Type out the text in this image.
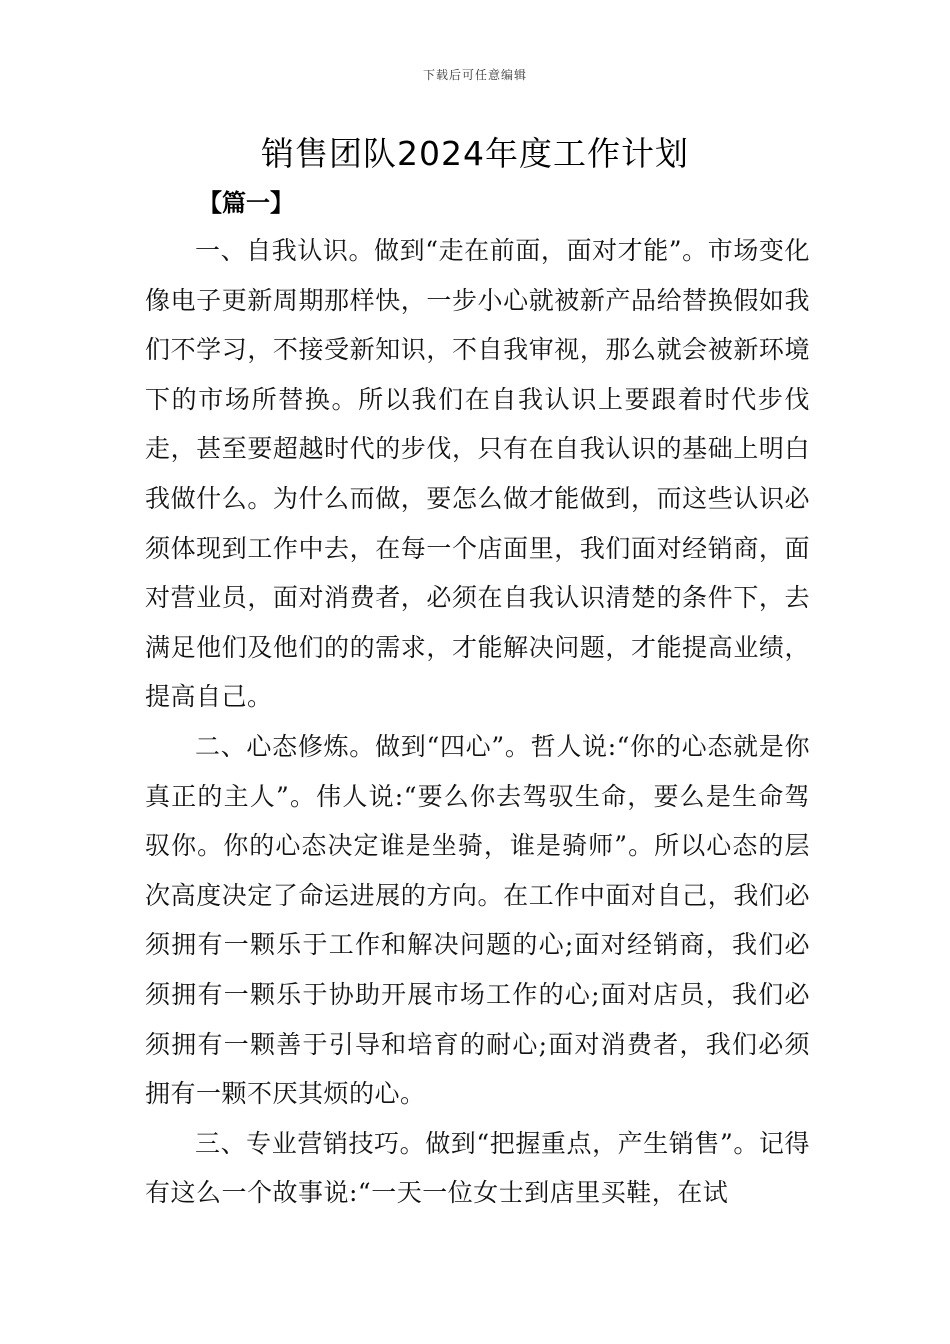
下载后可任意编辑
销售团队2024年度工作计划
【篇一】

一、自我认识。做到“走在前面，面对才能”。市场变化像电子更新周期那样快，一步小心就被新产品给替换假如我们不学习，不接受新知识，不自我审视，那么就会被新环境下的市场所替换。所以我们在自我认识上要跟着时代步伐走，甚至要超越时代的步伐，只有在自我认识的基础上明白我做什么。为什么而做，要怎么做才能做到，而这些认识必须体现到工作中去，在每一个店面里，我们面对经销商，面对营业员，面对消费者，必须在自我认识清楚的条件下，去满足他们及他们的的需求，才能解决问题，才能提高业绩，提高自己。

二、心态修炼。做到“四心”。哲人说:“你的心态就是你真正的主人”。伟人说:“要么你去驾驭生命，要么是生命驾驭你。你的心态决定谁是坐骑，谁是骑师”。所以心态的层次高度决定了命运进展的方向。在工作中面对自己，我们必须拥有一颗乐于工作和解决问题的心;面对经销商，我们必须拥有一颗乐于协助开展市场工作的心;面对店员，我们必须拥有一颗善于引导和培育的耐心;面对消费者，我们必须拥有一颗不厌其烦的心。

三、专业营销技巧。做到“把握重点，产生销售”。记得有这么一个故事说:“一天一位女士到店里买鞋，在试
